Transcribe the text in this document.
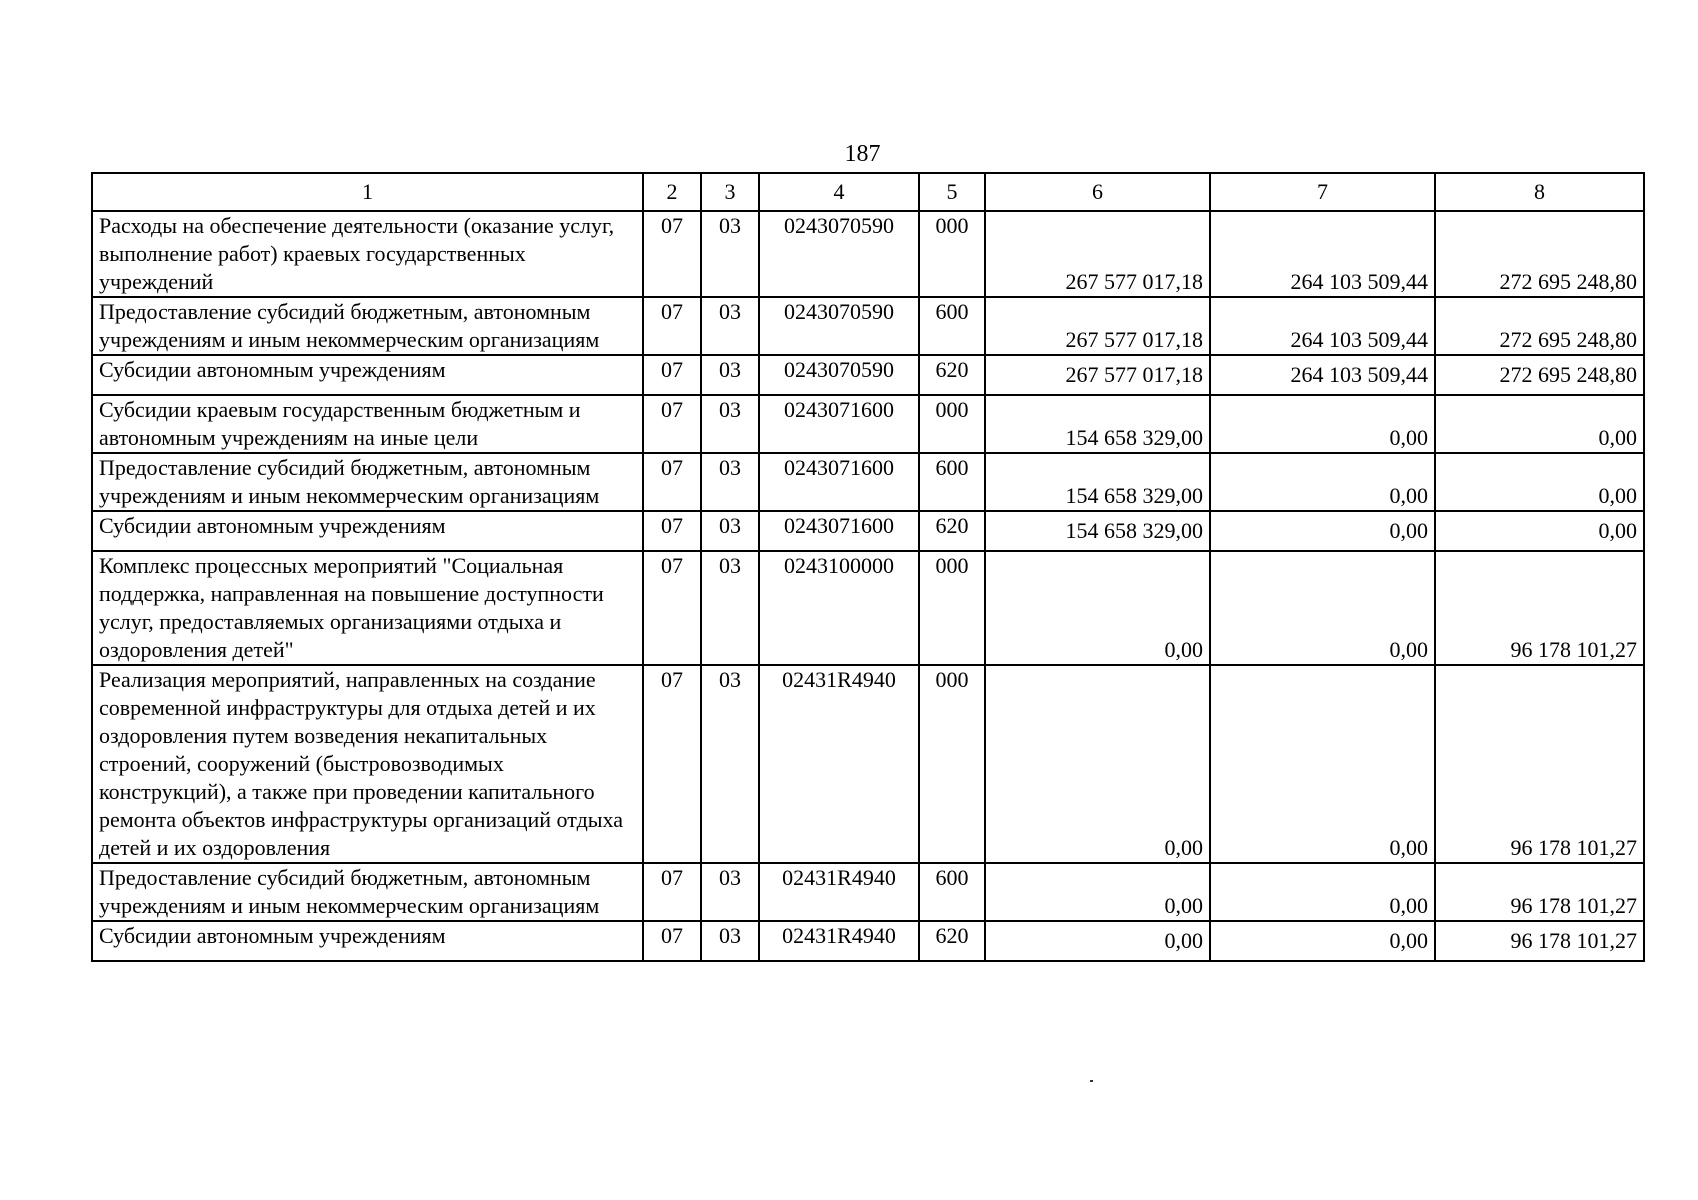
187
1	2	3	4	5	6	7	8
Расходы на обеспечение деятельности (оказание услуг, выполнение работ) краевых государственных учреждений	07	03	0243070590	000	267 577 017,18	264 103 509,44	272 695 248,80
Предоставление субсидий бюджетным, автономным учреждениям и иным некоммерческим организациям	07	03	0243070590	600	267 577 017,18	264 103 509,44	272 695 248,80
Субсидии автономным учреждениям	07	03	0243070590	620	267 577 017,18	264 103 509,44	272 695 248,80
Субсидии краевым государственным бюджетным и автономным учреждениям на иные цели	07	03	0243071600	000	154 658 329,00	0,00	0,00
Предоставление субсидий бюджетным, автономным учреждениям и иным некоммерческим организациям	07	03	0243071600	600	154 658 329,00	0,00	0,00
Субсидии автономным учреждениям	07	03	0243071600	620	154 658 329,00	0,00	0,00
Комплекс процессных мероприятий "Социальная поддержка, направленная на повышение доступности услуг, предоставляемых организациями отдыха и оздоровления детей"	07	03	0243100000	000	0,00	0,00	96 178 101,27
Реализация мероприятий, направленных на создание современной инфраструктуры для отдыха детей и их оздоровления путем возведения некапитальных строений, сооружений (быстровозводимых конструкций), а также при проведении капитального ремонта объектов инфраструктуры организаций отдыха детей и их оздоровления	07	03	02431R4940	000	0,00	0,00	96 178 101,27
Предоставление субсидий бюджетным, автономным учреждениям и иным некоммерческим организациям	07	03	02431R4940	600	0,00	0,00	96 178 101,27
Субсидии автономным учреждениям	07	03	02431R4940	620	0,00	0,00	96 178 101,27
